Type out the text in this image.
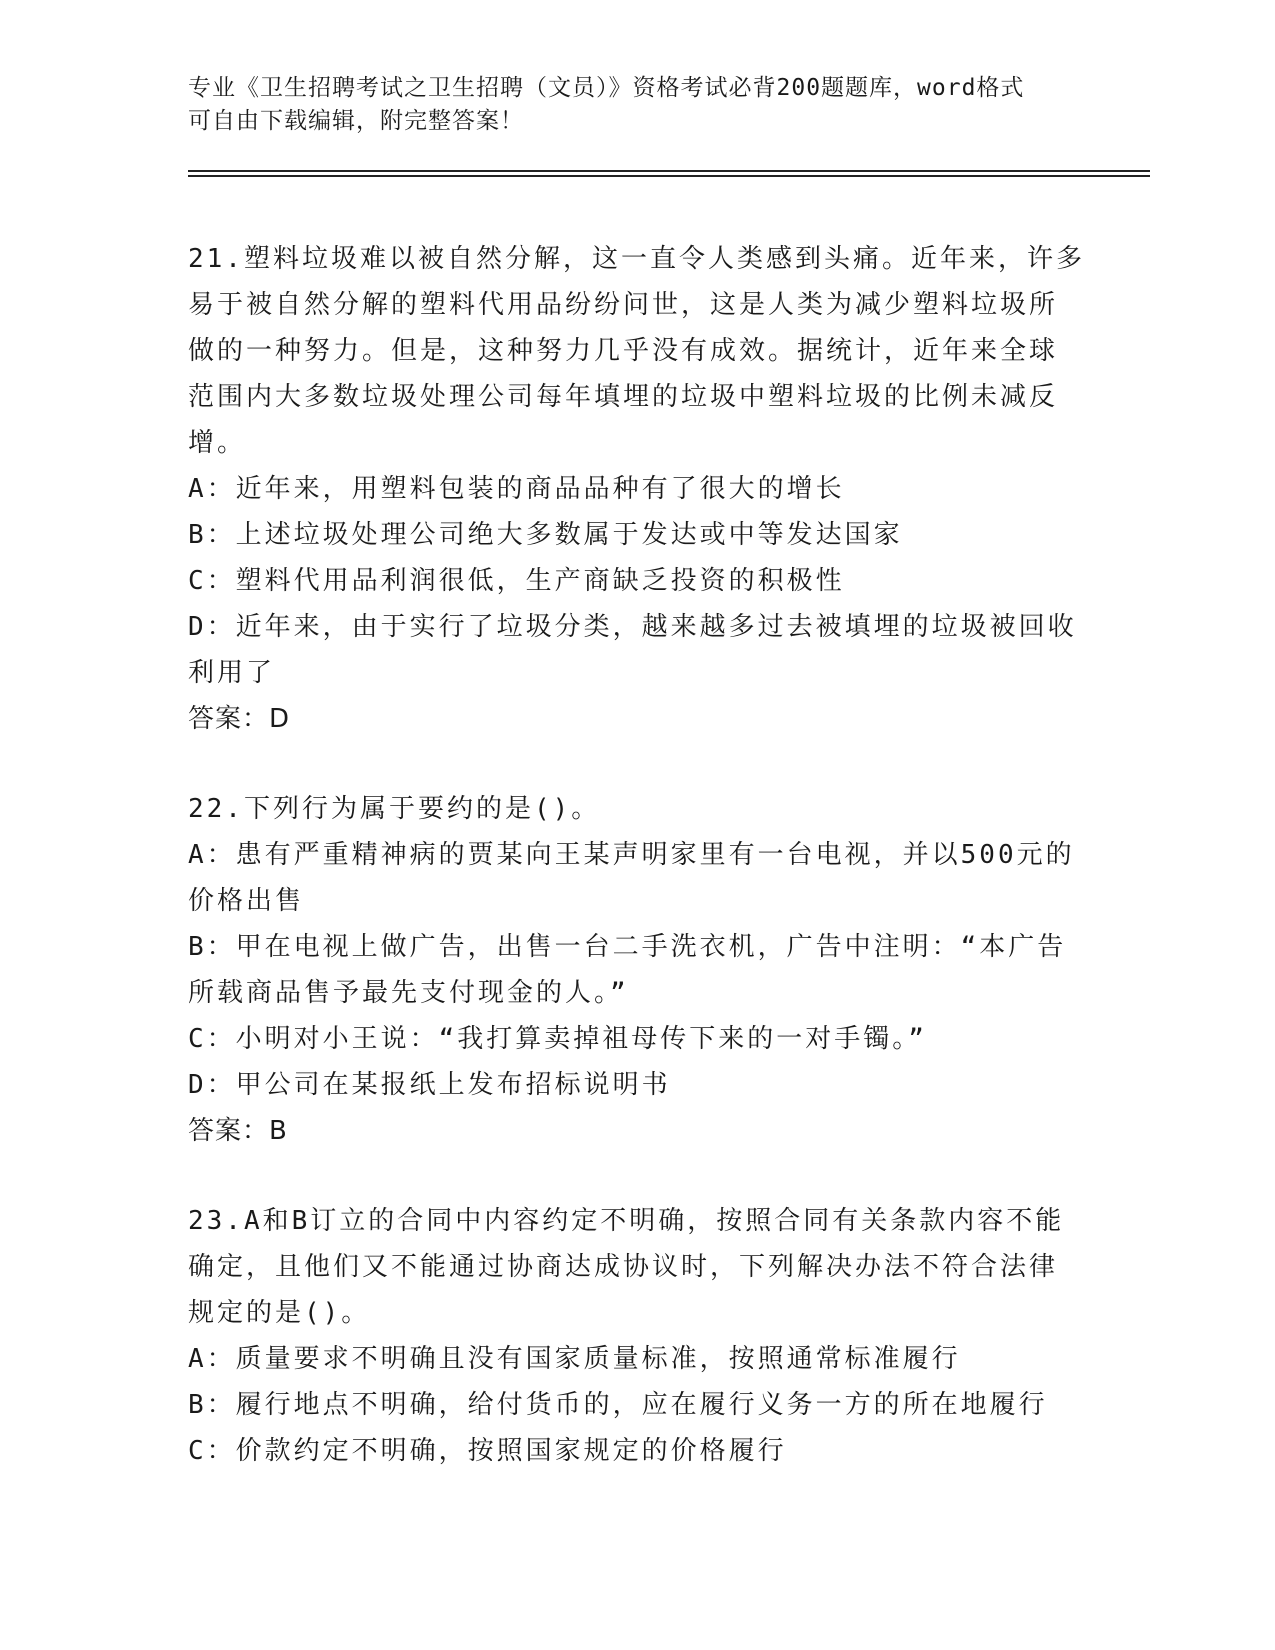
专业《卫生招聘考试之卫生招聘（文员）》资格考试必背200题题库，word格式
可自由下载编辑，附完整答案！
21.塑料垃圾难以被自然分解，这一直令人类感到头痛。近年来，许多
易于被自然分解的塑料代用品纷纷问世，这是人类为减少塑料垃圾所
做的一种努力。但是，这种努力几乎没有成效。据统计，近年来全球
范围内大多数垃圾处理公司每年填埋的垃圾中塑料垃圾的比例未减反
增。
A：近年来，用塑料包装的商品品种有了很大的增长
B：上述垃圾处理公司绝大多数属于发达或中等发达国家
C：塑料代用品利润很低，生产商缺乏投资的积极性
D：近年来，由于实行了垃圾分类，越来越多过去被填埋的垃圾被回收
利用了
答案：D
22.下列行为属于要约的是()。
A：患有严重精神病的贾某向王某声明家里有一台电视，并以500元的
价格出售
B：甲在电视上做广告，出售一台二手洗衣机，广告中注明：“本广告
所载商品售予最先支付现金的人。”
C：小明对小王说：“我打算卖掉祖母传下来的一对手镯。”
D：甲公司在某报纸上发布招标说明书
答案：B
23.A和B订立的合同中内容约定不明确，按照合同有关条款内容不能
确定，且他们又不能通过协商达成协议时，下列解决办法不符合法律
规定的是()。
A：质量要求不明确且没有国家质量标准，按照通常标准履行
B：履行地点不明确，给付货币的，应在履行义务一方的所在地履行
C：价款约定不明确，按照国家规定的价格履行
